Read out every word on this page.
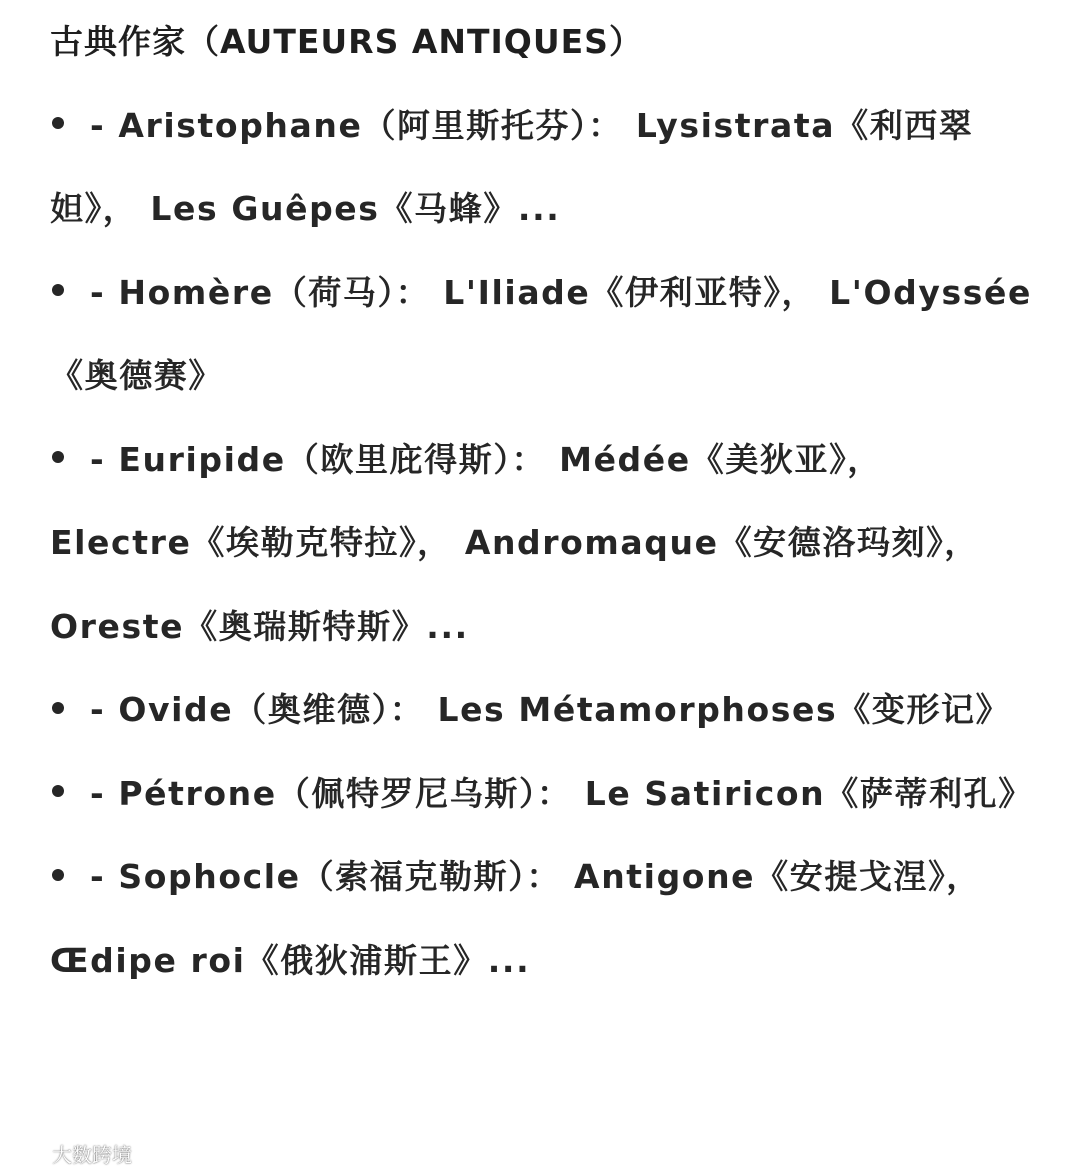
古典作家（AUTEURS ANTIQUES）
- Aristophane（阿里斯托芬）： Lysistrata《利西翠妲》， Les Guêpes《马蜂》...
- Homère（荷马）： L'Iliade《伊利亚特》， L'Odyssée《奥德赛》
- Euripide（欧里庇得斯）： Médée《美狄亚》， Electre《埃勒克特拉》， Andromaque《安德洛玛刻》， Oreste《奥瑞斯特斯》...
- Ovide（奥维德）： Les Métamorphoses《变形记》
- Pétrone（佩特罗尼乌斯）： Le Satiricon《萨蒂利孔》
- Sophocle（索福克勒斯）： Antigone《安提戈涅》， Œdipe roi《俄狄浦斯王》...
大数跨境
